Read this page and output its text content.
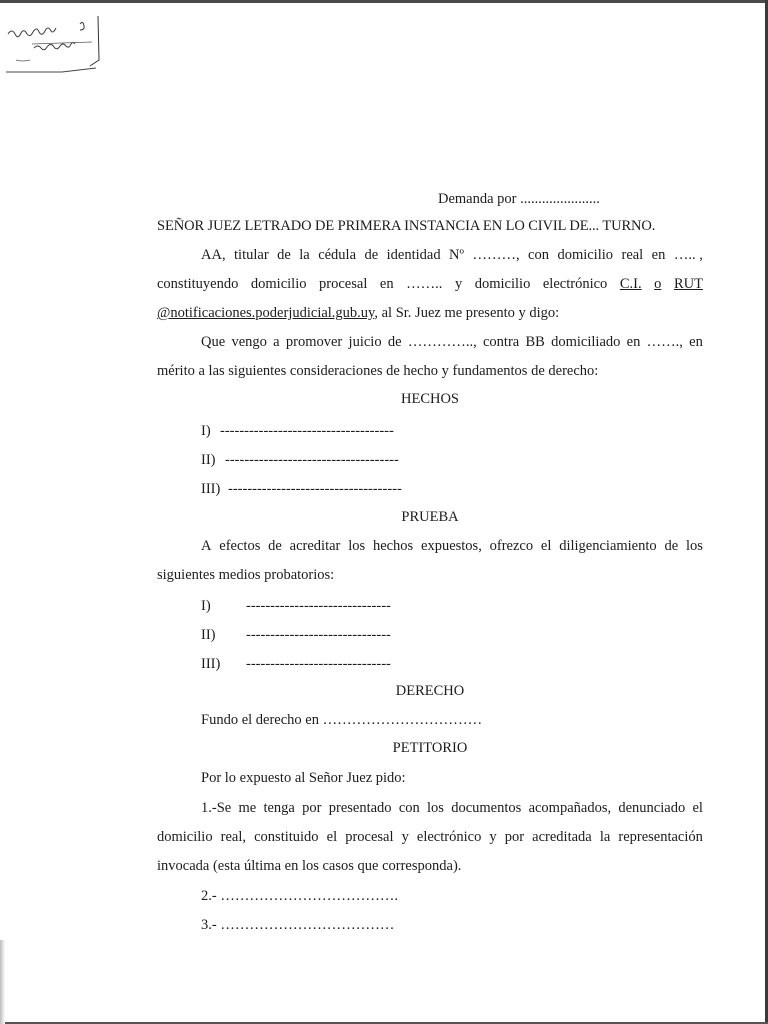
Demanda por ......................
SEÑOR JUEZ LETRADO DE PRIMERA INSTANCIA EN LO CIVIL DE... TURNO.
AA, titular de la cédula de identidad Nº ………, con domicilio real en ….. ,
constituyendo domicilio procesal en …….. y domicilio electrónico C.I. o RUT
@notificaciones.poderjudicial.gub.uy, al Sr. Juez me presento y digo:
Que vengo a promover juicio de ………….., contra BB domiciliado en ……., en
mérito a las siguientes consideraciones de hecho y fundamentos de derecho:
HECHOS
I) ------------------------------------
II) ------------------------------------
III) ------------------------------------
PRUEBA
A efectos de acreditar los hechos expuestos, ofrezco el diligenciamiento de los
siguientes medios probatorios:
I) ------------------------------
II) ------------------------------
III) ------------------------------
DERECHO
Fundo el derecho en ……………………………
PETITORIO
Por lo expuesto al Señor Juez pido:
1.-Se me tenga por presentado con los documentos acompañados, denunciado el
domicilio real, constituido el procesal y electrónico y por acreditada la representación
invocada (esta última en los casos que corresponda).
2.- ……………………………….
3.- ………………………………
